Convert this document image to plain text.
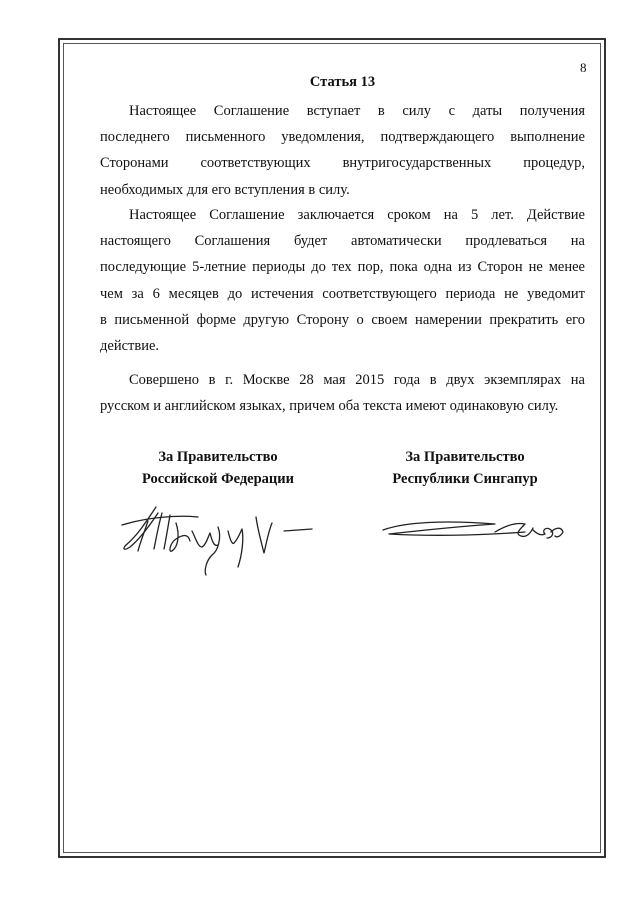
8
Статья 13
Настоящее Соглашение вступает в силу с даты получения
последнего письменного уведомления, подтверждающего выполнение
Сторонами соответствующих внутригосударственных процедур,
необходимых для его вступления в силу.
Настоящее Соглашение заключается сроком на 5 лет. Действие
настоящего Соглашения будет автоматически продлеваться на
последующие 5-летние периоды до тех пор, пока одна из Сторон не менее
чем за 6 месяцев до истечения соответствующего периода не уведомит
в письменной форме другую Сторону о своем намерении прекратить его
действие.
Совершено в г. Москве 28 мая 2015 года в двух экземплярах на
русском и английском языках, причем оба текста имеют одинаковую силу.
За Правительство
Российской Федерации
За Правительство
Республики Сингапур
